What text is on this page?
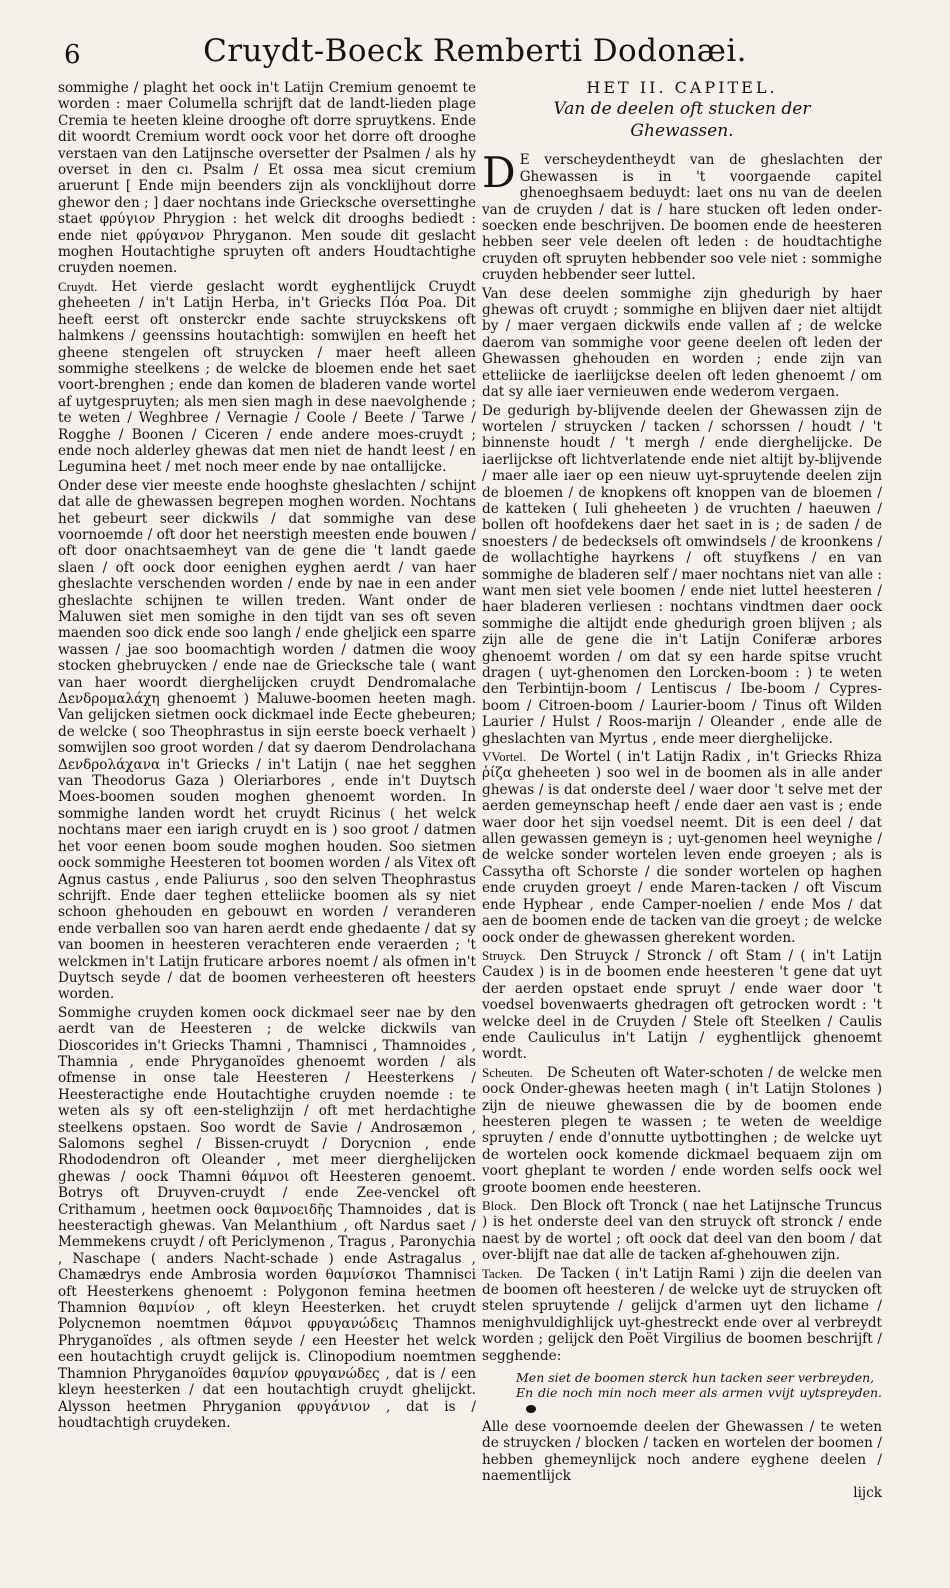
6	Cruydt-Boeck Remberti Dodonæi.

sommighe / plaght het oock in't Latijn Cremium genoemt te worden : maer Columella schrijft dat de landt-lieden plage Cremia te heeten kleine drooghe oft dorre spruytkens. Ende dit woordt Cremium wordt oock voor het dorre oft drooghe verstaen van den Latijnsche oversetter der Psalmen / als hy overset in den cı. Psalm / Et ossa mea sicut cremium aruerunt [ Ende mijn beenders zijn als voncklijhout dorre ghewor den ; ] daer nochtans inde Griecksche oversettinghe staet φρύγιον Phrygion : het welck dit drooghs bediedt : ende niet φρύγανον Phryganon. Men soude dit geslacht moghen Houtachtighe spruyten oft anders Houdtachtighe cruyden noemen.

Cruydt. Het vierde geslacht wordt eyghentlijck Cruydt gheheeten / in't Latijn Herba, in't Griecks Πόα Poa. Dit heeft eerst oft onsterckr ende sachte struyckskens oft halmkens / geenssins houtachtigh: somwijlen en heeft het gheene stengelen oft struycken / maer heeft alleen sommighe steelkens ; de welcke de bloemen ende het saet voort-brenghen ; ende dan komen de bladeren vande wortel af uytgespruyten; als men sien magh in dese naevolghende ; te weten / Weghbree / Vernagie / Coole / Beete / Tarwe / Rogghe / Boonen / Ciceren / ende andere moes-cruydt ; ende noch alderley ghewas dat men niet de handt leest / en Legumina heet / met noch meer ende by nae ontallijcke.

Onder dese vier meeste ende hooghste gheslachten / schijnt dat alle de ghewassen begrepen moghen worden. Nochtans het gebeurt seer dickwils / dat sommighe van dese voornoemde / oft door het neerstigh meesten ende bouwen / oft door onachtsaemheyt van de gene die 't landt gaede slaen / oft oock door eenighen eyghen aerdt / van haer gheslachte verschenden worden / ende by nae in een ander gheslachte schijnen te willen treden. Want onder de Maluwen siet men somighe in den tijdt van ses oft seven maenden soo dick ende soo langh / ende gheljick een sparre wassen / jae soo boomachtigh worden / datmen die wooy stocken ghebruycken / ende nae de Griecksche tale ( want van haer woordt dierghelijcken cruydt Dendromalache Δενδρομαλάχη ghenoemt ) Maluwe-boomen heeten magh. Van gelijcken sietmen oock dickmael inde Eecte ghebeuren; de welcke ( soo Theophrastus in sijn eerste boeck verhaelt ) somwijlen soo groot worden / dat sy daerom Dendrolachana Δενδρολάχανα in't Griecks / in't Latijn ( nae het segghen van Theodorus Gaza ) Oleriarbores , ende in't Duytsch Moes-boomen souden moghen ghenoemt worden. In sommighe landen wordt het cruydt Ricinus ( het welck nochtans maer een iarigh cruydt en is ) soo groot / datmen het voor eenen boom soude moghen houden. Soo sietmen oock sommighe Heesteren tot boomen worden / als Vitex oft Agnus castus , ende Paliurus , soo den selven Theophrastus schrijft. Ende daer teghen etteliicke boomen als sy niet schoon ghehouden en gebouwt en worden / veranderen ende verballen soo van haren aerdt ende ghedaente / dat sy van boomen in heesteren verachteren ende veraerden ; 't welckmen in't Latijn fruticare arbores noemt / als ofmen in't Duytsch seyde / dat de boomen verheesteren oft heesters worden.

Sommighe cruyden komen oock dickmael seer nae by den aerdt van de Heesteren ; de welcke dickwils van Dioscorides in't Griecks Thamni , Thamnisci , Thamnoides , Thamnia , ende Phryganoïdes ghenoemt worden / als ofmense in onse tale Heesteren / Heesterkens / Heesteractighe ende Houtachtighe cruyden noemde : te weten als sy oft een-stelighzijn / oft met herdachtighe steelkens opstaen. Soo wordt de Savie / Androsæmon , Salomons seghel / Bissen-cruydt / Dorycnion , ende Rhododendron oft Oleander , met meer dierghelijcken ghewas / oock Thamni θάμνοι oft Heesteren genoemt. Botrys oft Druyven-cruydt / ende Zee-venckel oft Crithamum , heetmen oock θαμνοειδῆς Thamnoides , dat is heesteractigh ghewas. Van Melanthium , oft Nardus saet / Memmekens cruydt / oft Periclymenon , Tragus , Paronychia , Naschape ( anders Nacht-schade ) ende Astragalus , Chamædrys ende Ambrosia worden θαμνίσκοι Thamnisci oft Heesterkens ghenoemt : Polygonon femina heetmen Thamnion θαμνίον , oft kleyn Heesterken. het cruydt Polycnemon noemtmen θάμνοι φρυγανώδεις Thamnos Phryganoïdes , als oftmen seyde / een Heester het welck een houtachtigh cruydt gelijck is. Clinopodium noemtmen Thamnion Phryganoïdes θαμνίον φρυγανώδες , dat is / een kleyn heesterken / dat een houtachtigh cruydt ghelijckt. Alysson heetmen Phryganion φρυγάνιον , dat is / houdtachtigh cruydeken.

HET II. CAPITEL.
Van de deelen oft stucken der
Ghewassen.

D E verscheydentheydt van de gheslachten der Ghewassen is in 't voorgaende capitel ghenoeghsaem beduydt: laet ons nu van de deelen van de cruyden / dat is / hare stucken oft leden onder-soecken ende beschrijven. De boomen ende de heesteren hebben seer vele deelen oft leden : de houdtachtighe cruyden oft spruyten hebbender soo vele niet : sommighe cruyden hebbender seer luttel.

Van dese deelen sommighe zijn ghedurigh by haer ghewas oft cruydt ; sommighe en blijven daer niet altijdt by / maer vergaen dickwils ende vallen af ; de welcke daerom van sommighe voor geene deelen oft leden der Ghewassen ghehouden en worden ; ende zijn van etteliicke de iaerliijckse deelen oft leden ghenoemt / om dat sy alle iaer vernieuwen ende wederom vergaen.

De gedurigh by-blijvende deelen der Ghewassen zijn de wortelen / struycken / tacken / schorssen / houdt / 't binnenste houdt / 't mergh / ende dierghelijcke. De iaerlijckse oft lichtverlatende ende niet altijt by-blijvende / maer alle iaer op een nieuw uyt-spruytende deelen zijn de bloemen / de knopkens oft knoppen van de bloemen / de katteken ( Iuli gheheeten ) de vruchten / haeuwen / bollen oft hoofdekens daer het saet in is ; de saden / de snoesters / de bedecksels oft omwindsels / de kroonkens / de wollachtighe hayrkens / oft stuyfkens / en van sommighe de bladeren self / maer nochtans niet van alle : want men siet vele boomen / ende niet luttel heesteren / haer bladeren verliesen : nochtans vindtmen daer oock sommighe die altijdt ende ghedurigh groen blijven ; als zijn alle de gene die in't Latijn Coniferæ arbores ghenoemt worden / om dat sy een harde spitse vrucht dragen ( uyt-ghenomen den Lorcken-boom : ) te weten den Terbintijn-boom / Lentiscus / Ibe-boom / Cypres-boom / Citroen-boom / Laurier-boom / Tinus oft Wilden Laurier / Hulst / Roos-marijn / Oleander , ende alle de gheslachten van Myrtus , ende meer dierghelijcke.

VVortel. De Wortel ( in't Latijn Radix , in't Griecks Rhiza ῥίζα gheheeten ) soo wel in de boomen als in alle ander ghewas / is dat onderste deel / waer door 't selve met der aerden gemeynschap heeft / ende daer aen vast is ; ende waer door het sijn voedsel neemt. Dit is een deel / dat allen gewassen gemeyn is ; uyt-genomen heel weynighe / de welcke sonder wortelen leven ende groeyen ; als is Cassytha oft Schorste / die sonder wortelen op haghen ende cruyden groeyt / ende Maren-tacken / oft Viscum ende Hyphear , ende Camper-noelien / ende Mos / dat aen de boomen ende de tacken van die groeyt ; de welcke oock onder de ghewassen gherekent worden.

Struyck. Den Struyck / Stronck / oft Stam / ( in't Latijn Caudex ) is in de boomen ende heesteren 't gene dat uyt der aerden opstaet ende spruyt / ende waer door 't voedsel bovenwaerts ghedragen oft getrocken wordt : 't welcke deel in de Cruyden / Stele oft Steelken / Caulis ende Cauliculus in't Latijn / eyghentlijck ghenoemt wordt.

Scheuten. De Scheuten oft Water-schoten / de welcke men oock Onder-ghewas heeten magh ( in't Latijn Stolones ) zijn de nieuwe ghewassen die by de boomen ende heesteren plegen te wassen ; te weten de weeldige spruyten / ende d'onnutte uytbottinghen ; de welcke uyt de wortelen oock komende dickmael bequaem zijn om voort gheplant te worden / ende worden selfs oock wel groote boomen ende heesteren.

Block. Den Block oft Tronck ( nae het Latijnsche Truncus ) is het onderste deel van den struyck oft stronck / ende naest by de wortel ; oft oock dat deel van den boom / dat over-blijft nae dat alle de tacken af-ghehouwen zijn.

Tacken. De Tacken ( in't Latijn Rami ) zijn die deelen van de boomen oft heesteren / de welcke uyt de struycken oft stelen spruytende / gelijck d'armen uyt den lichame / menighvuldighlijck uyt-ghestreckt ende over al verbreydt worden ; gelijck den Poët Virgilius de boomen beschrijft / segghende:

Men siet de boomen sterck hun tacken seer verbreyden,
En die noch min noch meer als armen vvijt uytspreyden.

Alle dese voornoemde deelen der Ghewassen / te weten de struycken / blocken / tacken en wortelen der boomen / hebben ghemeynlijck noch andere eyghene deelen / naementlijck

lijck
